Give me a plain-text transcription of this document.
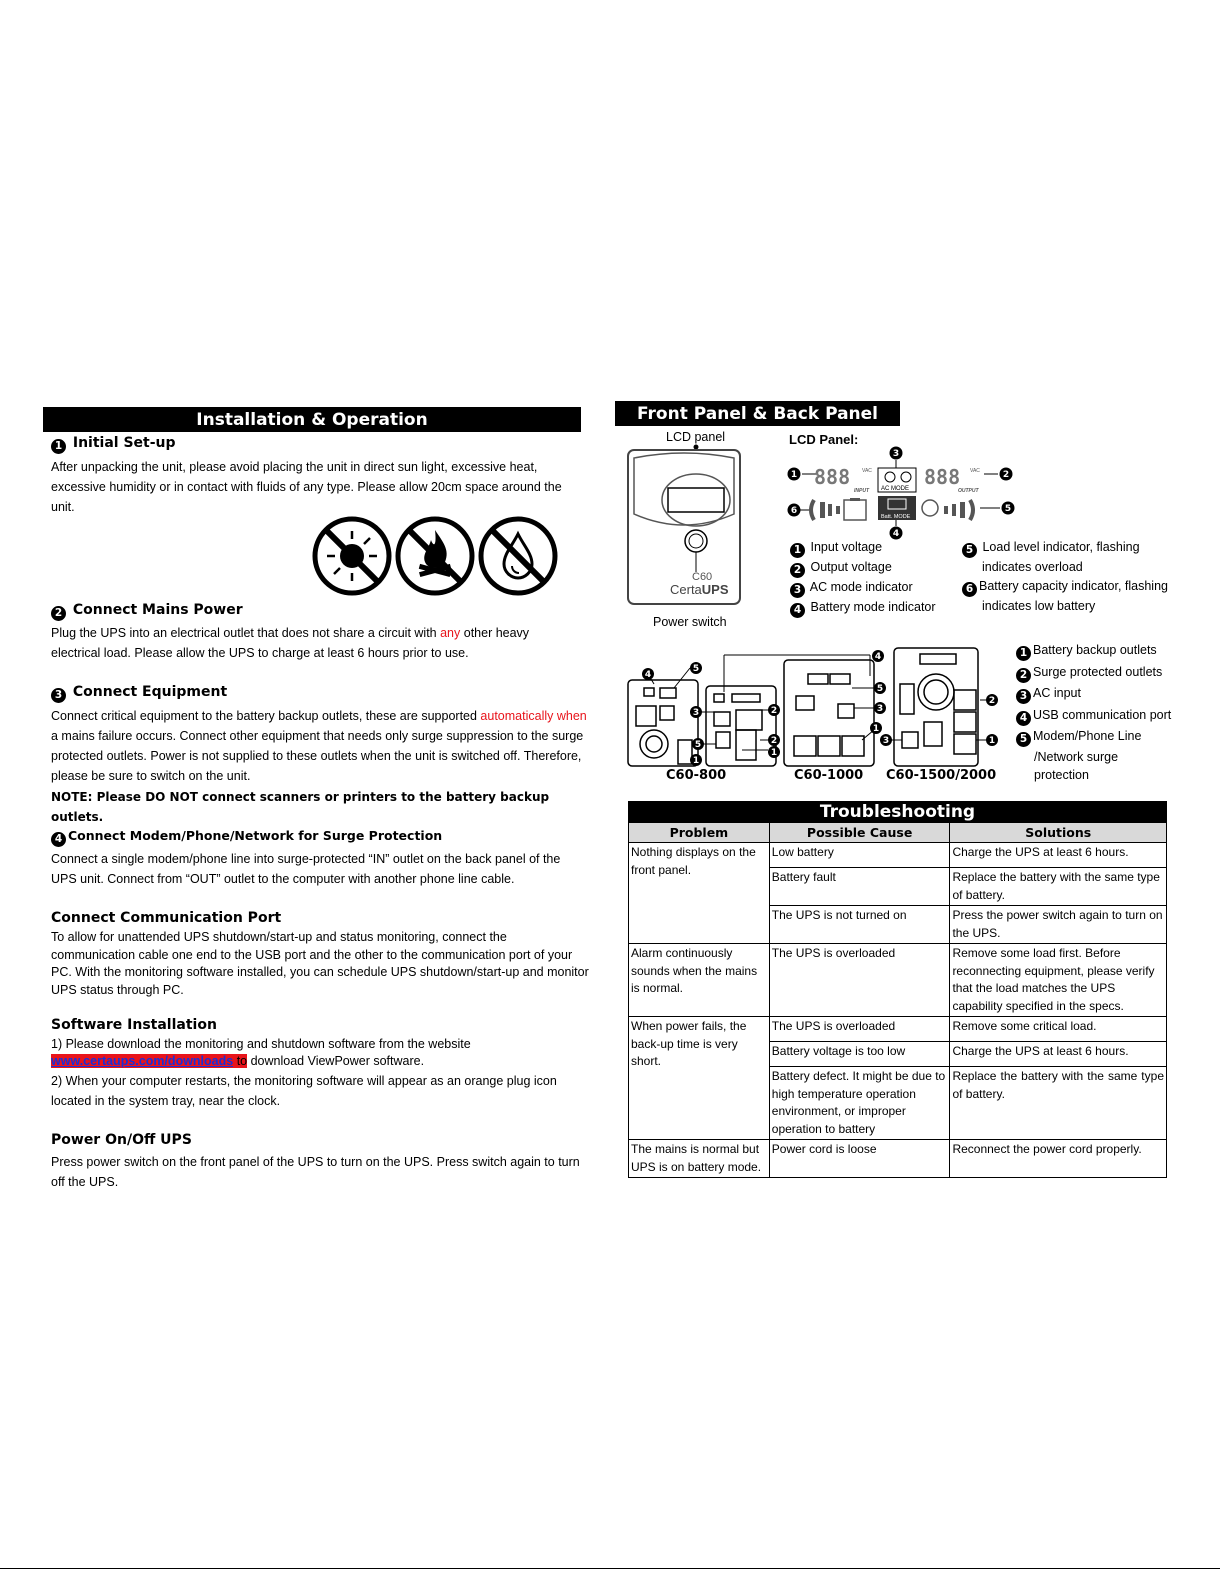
Installation & Operation
1 Initial Set-up
After unpacking the unit, please avoid placing the unit in direct sun light, excessive heat, excessive humidity or in contact with fluids of any type. Please allow 20cm space around the unit.
2 Connect Mains Power
Plug the UPS into an electrical outlet that does not share a circuit with any other heavy electrical load. Please allow the UPS to charge at least 6 hours prior to use.
3 Connect Equipment
Connect critical equipment to the battery backup outlets, these are supported automatically when a mains failure occurs. Connect other equipment that needs only surge suppression to the surge protected outlets. Power is not supplied to these outlets when the unit is switched off. Therefore, please be sure to switch on the unit.
NOTE: Please DO NOT connect scanners or printers to the battery backup outlets.
4 Connect Modem/Phone/Network for Surge Protection
Connect a single modem/phone line into surge-protected “IN” outlet on the back panel of the UPS unit. Connect from “OUT” outlet to the computer with another phone line cable.
Connect Communication Port
To allow for unattended UPS shutdown/start-up and status monitoring, connect the communication cable one end to the USB port and the other to the communication port of your PC. With the monitoring software installed, you can schedule UPS shutdown/start-up and monitor UPS status through PC.
Software Installation
1) Please download the monitoring and shutdown software from the website
www.certaups.com/downloads to download ViewPower software.
2) When your computer restarts, the monitoring software will appear as an orange plug icon located in the system tray, near the clock.
Power On/Off UPS
Press power switch on the front panel of the UPS to turn on the UPS. Press switch again to turn off the UPS.
Front Panel & Back Panel
LCD panel
C60
CertaUPS
Power switch
LCD Panel:
888	888
VAC	VAC
INPUT	OUTPUT
AC MODE
Batt. MODE
1	2
3
4
5
6
1 Input voltage
2 Output voltage
3 AC mode indicator
4 Battery mode indicator
5 Load level indicator, flashing
indicates overload
6 Battery capacity indicator, flashing
indicates low battery
4
5
3	2
5
1
2
1
4
5
3
1
3
2
1
C60-800	C60-1000 C60-1500/2000
1 Battery backup outlets
2 Surge protected outlets
3 AC input
4 USB communication port
5 Modem/Phone Line
/Network surge
protection
Troubleshooting
Problem	Possible Cause	Solutions
Nothing displays on the front panel.	Low battery	Charge the UPS at least 6 hours.
	Battery fault	Replace the battery with the same type of battery.
	The UPS is not turned on	Press the power switch again to turn on the UPS.
Alarm continuously sounds when the mains is normal.	The UPS is overloaded	Remove some load first. Before reconnecting equipment, please verify that the load matches the UPS capability specified in the specs.
When power fails, the back-up time is very short.	The UPS is overloaded	Remove some critical load.
	Battery voltage is too low	Charge the UPS at least 6 hours.
	Battery defect. It might be due to high temperature operation environment, or improper operation to battery	Replace the battery with the same type of battery.
The mains is normal but UPS is on battery mode.	Power cord is loose	Reconnect the power cord properly.
